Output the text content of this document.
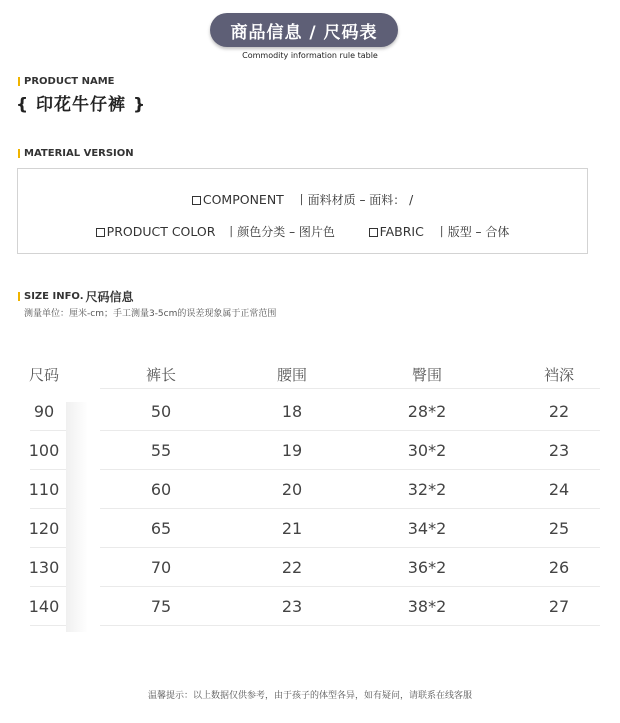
商品信息 / 尺码表
Commodity information rule table
PRODUCT NAME
{ 印花牛仔裤 }
MATERIAL VERSION
COMPONENT 丨面料材质 – 面料： /
PRODUCT COLOR 丨颜色分类 – 图片色	FABRIC 丨版型 – 合体
SIZE INFO. 尺码信息
测量单位：厘米-cm；手工测量3-5cm的误差现象属于正常范围
尺码	裤长	腰围	臀围	裆深
90	50	18	28*2	22
100	55	19	30*2	23
110	60	20	32*2	24
120	65	21	34*2	25
130	70	22	36*2	26
140	75	23	38*2	27
温馨提示：以上数据仅供参考，由于孩子的体型各异，如有疑问，请联系在线客服
